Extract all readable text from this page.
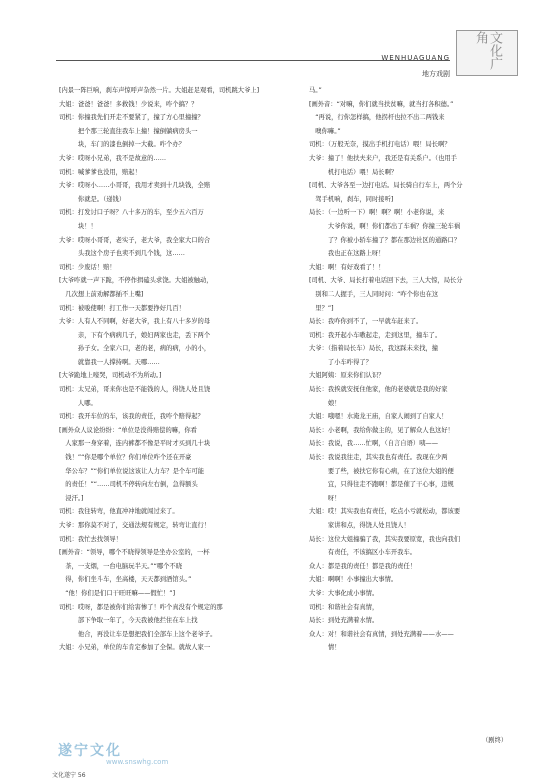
WENHUAGUANG
地方戏剧
文化广角
[内景一阵巨响，刹车声惊呼声杂然一片。大姐赶足观看，司机跳大爷上]
大姐：爸爸！爸爸！多救钱！少说来，咋个搞？？
司机：你撞我先们开走不要紧了，撞了方心里撞撞？
　　　把个那三轮直往我车上撞！撞倒躺病房头一
　　　块，车门的漆也倒掉一大截。咋个办？
大爷：哎呀小兄弟，我不是故意的……
司机：喊爹爹也没用，赔起！
大爷：哎呀小……小哥哥，我用才卖到十几块钱，全赔
　　　你就是。（递钱）
司机：打发讨口子呀？八十多万的车，至少五六百万
　　　块！！
大爷：哎呀小哥哥，老实子，老大爷，我全家大口的合
　　　头我这个房子也卖不到几个钱，这……
司机：少废话！赔！
[大爷咋就一声下跪，不停作揖磕头求饶。大姐被触动，
　几次想上前劝解都插不上嘴]
司机：被唆使啊！打工作一天都要挣好几百！
大爷：人有人不同啊，好老大爷，我上有八十多岁的母
　　　亲，下有个病病几子，娘妇两家也走，丢下两个
　　　孙子女。全家六口，老的老，病的病，小的小，
　　　就靠我一人撑持啊。天哪……
[大爷跪地上嚎哭，司机动不为所动。]
司机：太兄弟，哥来你也是不能钱的人，得饶人处且饶
　　　人哪。
司机：我开车位的车，该我的责任，我咋个赔得起？
[画外众人议论纷纷：“单位是没得赔偿的嘛，你看
　人家那一身穿着，连内裤都不像是平时才买到几十块
　钱！”“你是哪个单位？你们单位咋个还在开豪
　华公车？”“你们单位说这该让人力车？是个车可能
　的责任！”“……司机不停转向左右倒，急得额头
　浸汗。]
司机：我往转弯，他直冲冲地就闯过来了。
大爷：那你莫不对了，交通法规有规定，转弯让直行！
司机：我忙去找领导！
[画外音：“领导，哪个不晓得领导是坐办公室的，一杯
　茶，一支烟，一台电脑玩半天。”“哪个不晓
　得，你们坐斗车，坐高楼，天天都到酒馆头。”
　“他！你们是们口干旺旺嘛——假忙！”]
司机：哎呀，都是被你们给害惨了！咋个真没有个规定的那
　　　部下争取一年了，今天我被他拦住在车上找
　　　他合，再没让车是想把我们全部车上这个老爷子。
大姐：小兄弟，单位的车肯定参加了全保。就故人家一
马。”
[画外音：“对嘛，你们就当扶贫嘛，就当打各积德。”
　“再说，行你怎样搞，他拐杆也拉不出二两钱来
　噢你嘛。”
司机：（万般无奈，摸出手机打电话）喂！局长啊？
大爷：撞了！他扶夫来户，我还是有关系户。（也用手
　　　机打电话）喂！局长啊？
[司机、大爷各至一边打电话。局长骑自行车上，两个分
　驾手机响，刹车，同时接听]
局长：（一边听一下）啊！啊？啊！小老你说，来
　　　大爷你说，啊！你们都出了车祸？你撞三轮车祸
　　　了？你被小轿车撞了？都在那边社区的通路口？
　　　我也正在这路上呀！
大姐：啊！有好戏看了！！
[司机、大爷、局长打着电话回下去，三人大惊，局长分
　别和二人握手，三人同时问：“咋个你也在这
　里？”]
局长：我咋你到不了，一早就车赶来了。
司机：我开起小车嗷起走，走到这里，撞车了。
大爷：（指着局长车）局长，我这踩未来找，撞
　　　了小车咋得了？
大姐阿姨：原来你们认识？
局长：我挨就安抚住他家，他的老婆就是我的好家
　　　娘！
大姐：哦嗯！水淹龙王庙，自家人闹到了自家人！
局长：小老啊，我给你做主的，见了解众人也这好！
局长：我说，我……忙啊，（自言自语）咦——
局长：我说我往走，其实我也有责任。我现在少两
　　　要了些，被扶它你有心病，在了这位大姐的便
　　　宜，只得往走不跑啊！都是催了干心事，违规
　　　呀！
大姐：哎！其实我也有责任，吃点小亏就松动，都该要
　　　家讲和点，得饶人处且饶人！
局长：这位大姐撞骗了我，其实我要原宽，我也向我们
　　　有责任，不该搞区小车开我车。
众人：都是我的责任！都是我的责任！
大姐：啊啊！小事撞出大事情。
大爷：大事化成小事情。
司机：和谐社会有真情，
局长：到处充满着水情。
众人：对！和谐社会有真情，到处充满着——水——
　　　情！
（剧终）
遂宁文化
www.snswhg.com
文化遂宁 56
